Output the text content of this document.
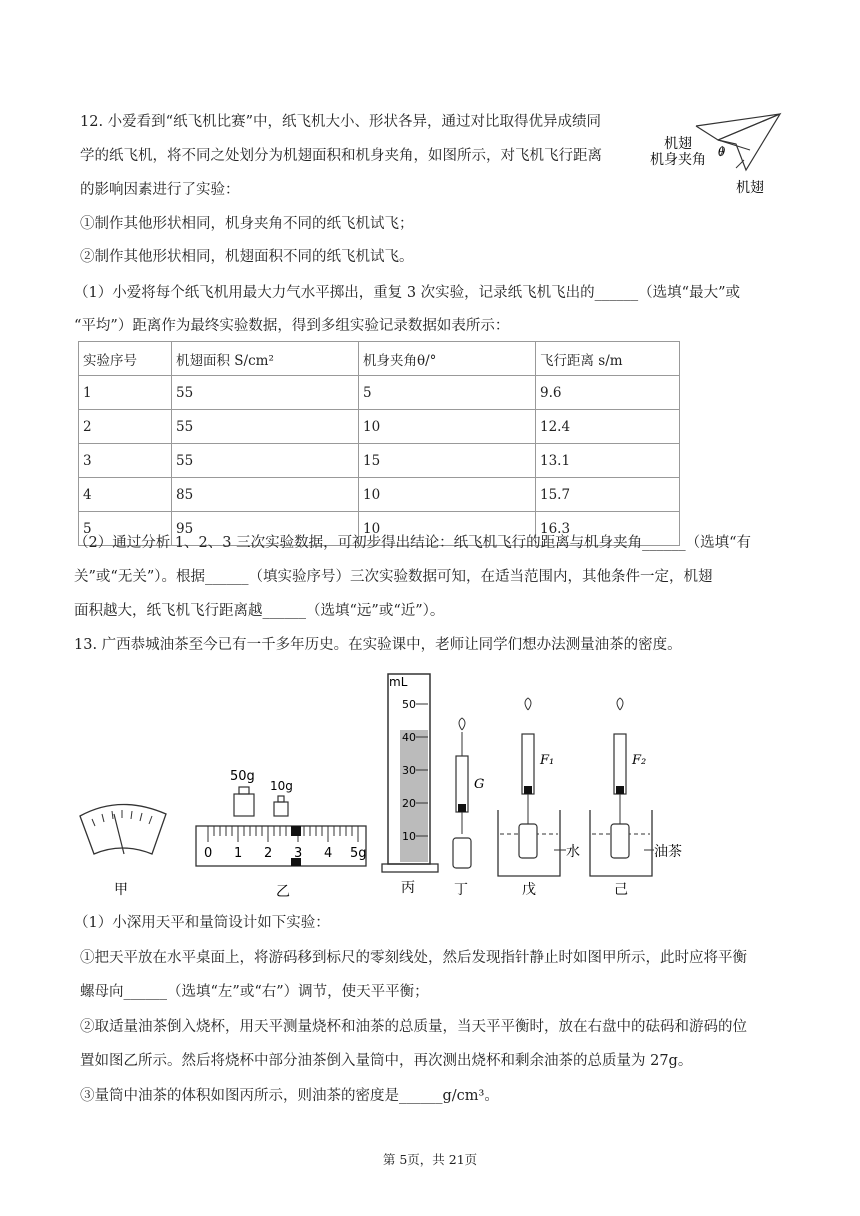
12. 小爱看到“纸飞机比赛”中，纸飞机大小、形状各异，通过对比取得优异成绩同
学的纸飞机，将不同之处划分为机翅面积和机身夹角，如图所示，对飞机飞行距离
的影响因素进行了实验：
①制作其他形状相同，机身夹角不同的纸飞机试飞；
②制作其他形状相同，机翅面积不同的纸飞机试飞。
（1）小爱将每个纸飞机用最大力气水平掷出，重复 3 次实验，记录纸飞机飞出的______（选填“最大”或
“平均”）距离作为最终实验数据，得到多组实验记录数据如表所示：
机翅
机身夹角 θ
机翅
实验序号	机翅面积 S/cm²	机身夹角θ/°	飞行距离 s/m
1	55	5	9.6
2	55	10	12.4
3	55	15	13.1
4	85	10	15.7
5	95	10	16.3
（2）通过分析 1、2、3 三次实验数据，可初步得出结论：纸飞机飞行的距离与机身夹角______（选填“有
关”或“无关”）。根据______（填实验序号）三次实验数据可知，在适当范围内，其他条件一定，机翅
面积越大，纸飞机飞行距离越______（选填“远”或“近”）。
13. 广西恭城油茶至今已有一千多年历史。在实验课中，老师让同学们想办法测量油茶的密度。
甲
50g
10g
0 1 2 3 4 5g
乙
mL
50
40
30
20
10
丙
G
丁
F₁
水
戊
F₂
油茶
己
（1）小深用天平和量筒设计如下实验：
①把天平放在水平桌面上，将游码移到标尺的零刻线处，然后发现指针静止时如图甲所示，此时应将平衡
螺母向______（选填“左”或“右”）调节，使天平平衡；
②取适量油茶倒入烧杯，用天平测量烧杯和油茶的总质量，当天平平衡时，放在右盘中的砝码和游码的位
置如图乙所示。然后将烧杯中部分油茶倒入量筒中，再次测出烧杯和剩余油茶的总质量为 27g。
③量筒中油茶的体积如图丙所示，则油茶的密度是______g/cm³。
第 5页，共 21页
